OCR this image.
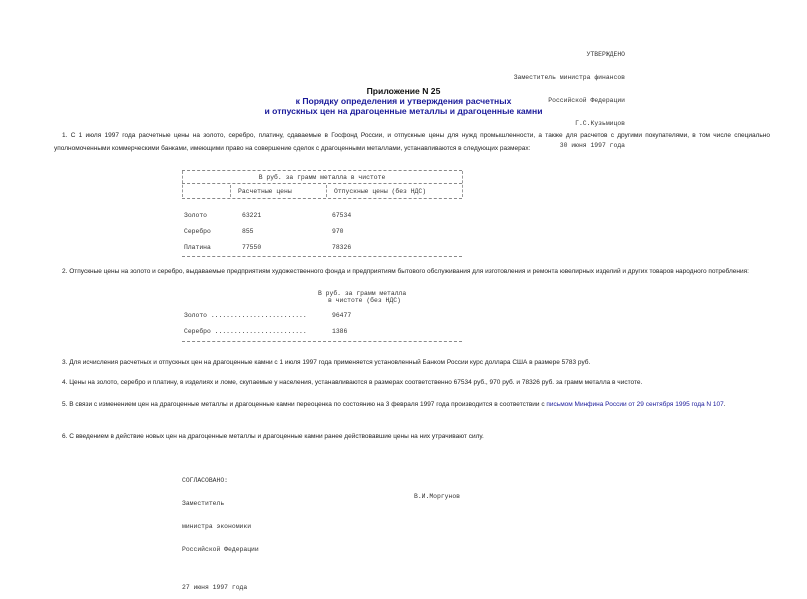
УТВЕРЖДЕНО

Заместитель министра финансов

Российской Федерации

Г.С.Кузьмицов

30 июня 1997 года

Приложение N 25
к Порядку определения и утверждения расчетных
и отпускных цен на драгоценные металлы и драгоценные камни
1. С 1 июля 1997 года расчетные цены на золото, серебро, платину, сдаваемые в Госфонд России, и отпускные цены для нужд промышленности, а также для расчетов с другими покупателями, в том числе специально уполномоченными коммерческими банками, имеющими право на совершение сделок с драгоценными металлами, устанавливаются в следующих размерах:
В руб. за грамм металла в чистоте
Расчетные цены	Отпускные цены (без НДС)
Золото	63221	67534
Серебро	855	970
Платина	77550	78326
2. Отпускные цены на золото и серебро, выдаваемые предприятиям художественного фонда и предприятиям бытового обслуживания для изготовления и ремонта ювелирных изделий и других товаров народного потребления:
В руб. за грамм металла
в чистоте (без НДС)
Золото .........................	96477
Серебро ........................	1386
3. Для исчисления расчетных и отпускных цен на драгоценные камни с 1 июля 1997 года применяется установленный Банком России курс доллара США в размере 5783 руб.
4. Цены на золото, серебро и платину, в изделиях и ломе, скупаемые у населения, устанавливаются в размерах соответственно 67534 руб., 970 руб. и 78326 руб. за грамм металла в чистоте.
5. В связи с изменением цен на драгоценные металлы и драгоценные камни переоценка по состоянию на 3 февраля 1997 года производится в соответствии с письмом Минфина России от 29 сентября 1995 года N 107.
6. С введением в действие новых цен на драгоценные металлы и драгоценные камни ранее действовавшие цены на них утрачивают силу.

СОГЛАСОВАНО:

Заместитель

министра экономики

Российской Федерации

27 июня 1997 года

В.И.Моргунов
